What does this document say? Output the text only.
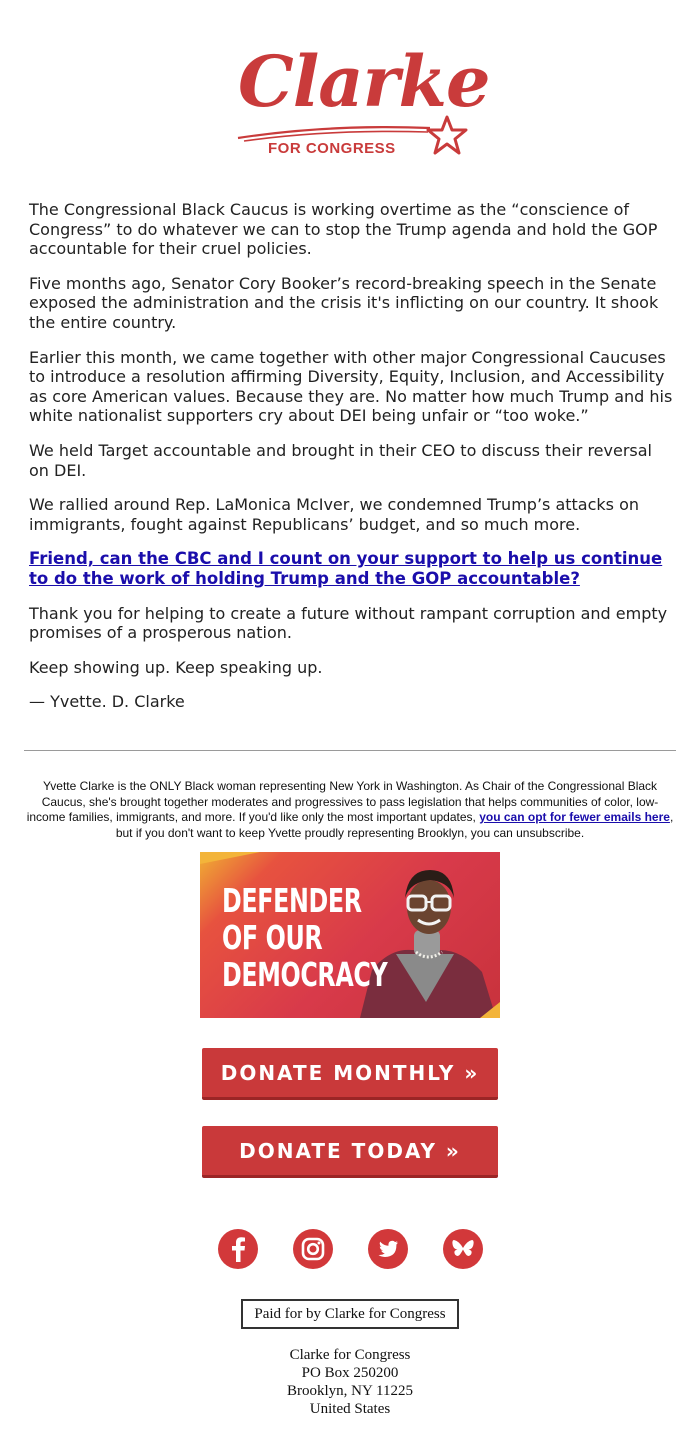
Clarke
FOR CONGRESS

The Congressional Black Caucus is working overtime as the “conscience of Congress” to do whatever we can to stop the Trump agenda and hold the GOP accountable for their cruel policies.

Five months ago, Senator Cory Booker’s record-breaking speech in the Senate exposed the administration and the crisis it's inflicting on our country. It shook the entire country.

Earlier this month, we came together with other major Congressional Caucuses to introduce a resolution affirming Diversity, Equity, Inclusion, and Accessibility as core American values. Because they are. No matter how much Trump and his white nationalist supporters cry about DEI being unfair or “too woke.”

We held Target accountable and brought in their CEO to discuss their reversal on DEI.

We rallied around Rep. LaMonica McIver, we condemned Trump’s attacks on immigrants, fought against Republicans’ budget, and so much more.

Friend, can the CBC and I count on your support to help us continue to do the work of holding Trump and the GOP accountable?

Thank you for helping to create a future without rampant corruption and empty promises of a prosperous nation.

Keep showing up. Keep speaking up.

— Yvette. D. Clarke

Yvette Clarke is the ONLY Black woman representing New York in Washington. As Chair of the Congressional Black Caucus, she's brought together moderates and progressives to pass legislation that helps communities of color, low-income families, immigrants, and more. If you'd like only the most important updates, you can opt for fewer emails here, but if you don't want to keep Yvette proudly representing Brooklyn, you can unsubscribe.
DEFENDER
OF OUR
DEMOCRACY
DONATE MONTHLY »
DONATE TODAY »
Paid for by Clarke for Congress
Clarke for Congress
PO Box 250200
Brooklyn, NY 11225
United States
